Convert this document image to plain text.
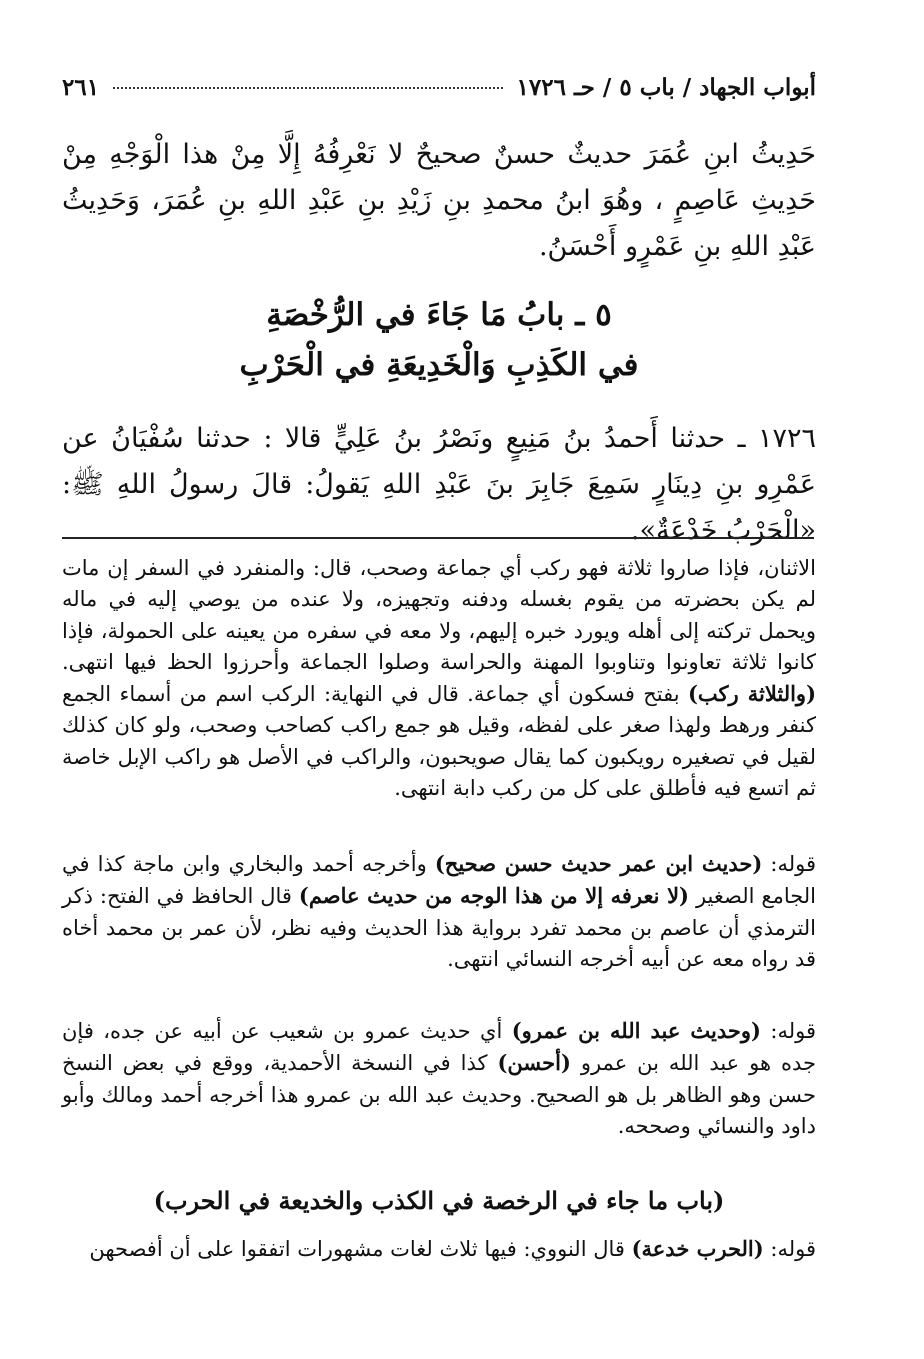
أبواب الجهاد / باب ٥ / حـ ١٧٢٦
٢٦١
حَدِيثُ ابنِ عُمَرَ حديثٌ حسنٌ صحيحٌ لا نَعْرِفُهُ إِلَّا مِنْ هذا الْوَجْهِ مِنْ حَدِيثِ عَاصِمٍ ، وهُوَ ابنُ محمدِ بنِ زَيْدِ بنِ عَبْدِ اللهِ بنِ عُمَرَ، وَحَدِيثُ عَبْدِ اللهِ بنِ عَمْرٍو أَحْسَنُ.
٥ ـ بابُ مَا جَاءَ في الرُّخْصَةِ
في الكَذِبِ وَالْخَدِيعَةِ في الْحَرْبِ
١٧٢٦ ـ حدثنا أَحمدُ بنُ مَنِيعٍ ونَصْرُ بنُ عَلِيٍّ قالا : حدثنا سُفْيَانُ عن عَمْرِو بنِ دِينَارٍ سَمِعَ جَابِرَ بنَ عَبْدِ اللهِ يَقولُ: قالَ رسولُ اللهِ ﷺ: «الْحَرْبُ خَدْعَةٌ».
الاثنان، فإذا صاروا ثلاثة فهو ركب أي جماعة وصحب، قال: والمنفرد في السفر إن مات لم يكن بحضرته من يقوم بغسله ودفنه وتجهيزه، ولا عنده من يوصي إليه في ماله ويحمل تركته إلى أهله ويورد خبره إليهم، ولا معه في سفره من يعينه على الحمولة، فإذا كانوا ثلاثة تعاونوا وتناوبوا المهنة والحراسة وصلوا الجماعة وأحرزوا الحظ فيها انتهى. (والثلاثة ركب) بفتح فسكون أي جماعة. قال في النهاية: الركب اسم من أسماء الجمع كنفر ورهط ولهذا صغر على لفظه، وقيل هو جمع راكب كصاحب وصحب، ولو كان كذلك لقيل في تصغيره رويكبون كما يقال صويحبون، والراكب في الأصل هو راكب الإبل خاصة ثم اتسع فيه فأطلق على كل من ركب دابة انتهى.
قوله: (حديث ابن عمر حديث حسن صحيح) وأخرجه أحمد والبخاري وابن ماجة كذا في الجامع الصغير (لا نعرفه إلا من هذا الوجه من حديث عاصم) قال الحافظ في الفتح: ذكر الترمذي أن عاصم بن محمد تفرد برواية هذا الحديث وفيه نظر، لأن عمر بن محمد أخاه قد رواه معه عن أبيه أخرجه النسائي انتهى.
قوله: (وحديث عبد الله بن عمرو) أي حديث عمرو بن شعيب عن أبيه عن جده، فإن جده هو عبد الله بن عمرو (أحسن) كذا في النسخة الأحمدية، ووقع في بعض النسخ حسن وهو الظاهر بل هو الصحيح. وحديث عبد الله بن عمرو هذا أخرجه أحمد ومالك وأبو داود والنسائي وصححه.
(باب ما جاء في الرخصة في الكذب والخديعة في الحرب)
قوله: (الحرب خدعة) قال النووي: فيها ثلاث لغات مشهورات اتفقوا على أن أفصحهن
